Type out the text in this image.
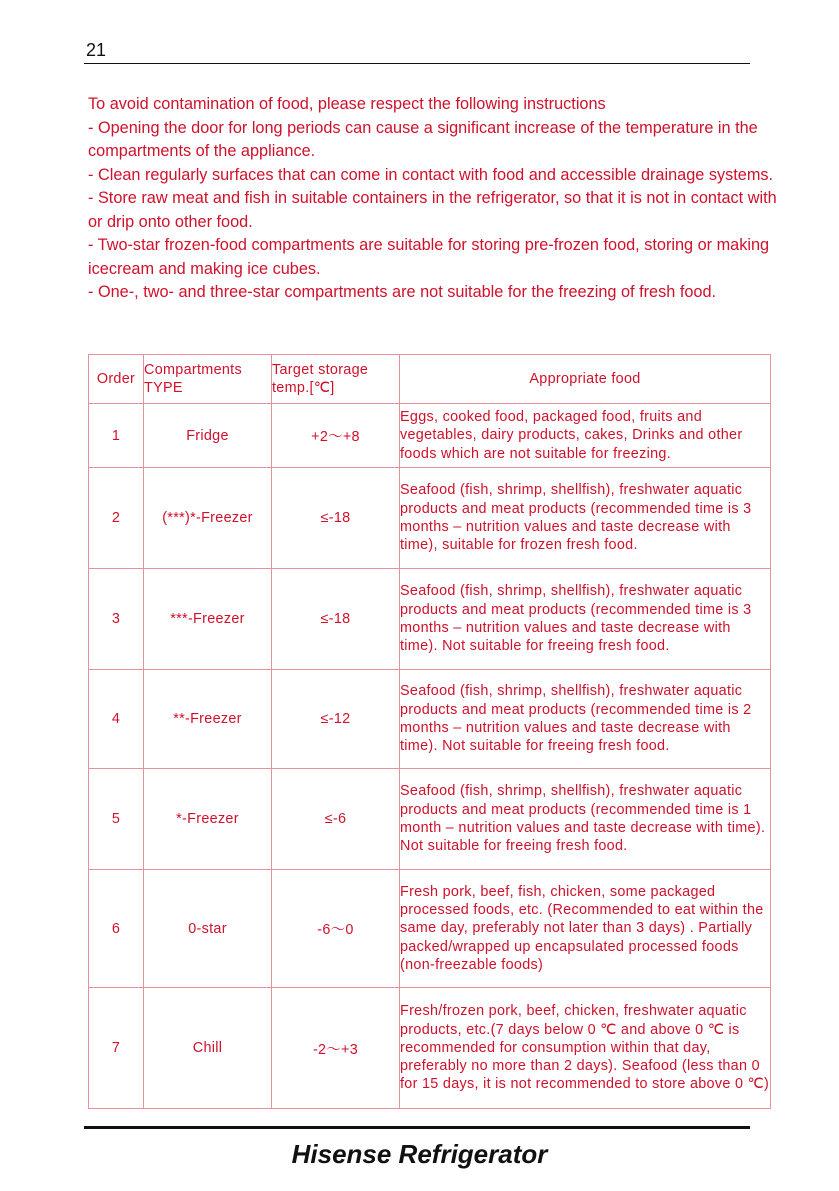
21

To avoid contamination of food, please respect the following instructions

- Opening the door for long periods can cause a significant increase of the temperature in the compartments of the appliance.

- Clean regularly surfaces that can come in contact with food and accessible drainage systems.

- Store raw meat and fish in suitable containers in the refrigerator, so that it is not in contact with or drip onto other food.

- Two-star frozen-food compartments are suitable for storing pre-frozen food, storing or making icecream and making ice cubes.

- One-, two- and three-star compartments are not suitable for the freezing of fresh food.

Order	Compartments TYPE	Target storage temp.[℃]	Appropriate food
1	Fridge	+2～+8	Eggs, cooked food, packaged food, fruits and vegetables, dairy products, cakes, Drinks and other foods which are not suitable for freezing.
2	(***)*-Freezer	≤-18	Seafood (fish, shrimp, shellfish), freshwater aquatic products and meat products (recommended time is 3 months – nutrition values and taste decrease with time), suitable for frozen fresh food.
3	***-Freezer	≤-18	Seafood (fish, shrimp, shellfish), freshwater aquatic products and meat products (recommended time is 3 months – nutrition values and taste decrease with time). Not suitable for freeing fresh food.
4	**-Freezer	≤-12	Seafood (fish, shrimp, shellfish), freshwater aquatic products and meat products (recommended time is 2 months – nutrition values and taste decrease with time). Not suitable for freeing fresh food.
5	*-Freezer	≤-6	Seafood (fish, shrimp, shellfish), freshwater aquatic products and meat products (recommended time is 1 month – nutrition values and taste decrease with time). Not suitable for freeing fresh food.
6	0-star	-6～0	Fresh pork, beef, fish, chicken, some packaged processed foods, etc. (Recommended to eat within the same day, preferably not later than 3 days) . Partially packed/wrapped up encapsulated processed foods (non-freezable foods)
7	Chill	-2～+3	Fresh/frozen pork, beef, chicken, freshwater aquatic products, etc.(7 days below 0 ℃ and above 0 ℃ is recommended for consumption within that day, preferably no more than 2 days). Seafood (less than 0 for 15 days, it is not recommended to store above 0 ℃)
Hisense Refrigerator
